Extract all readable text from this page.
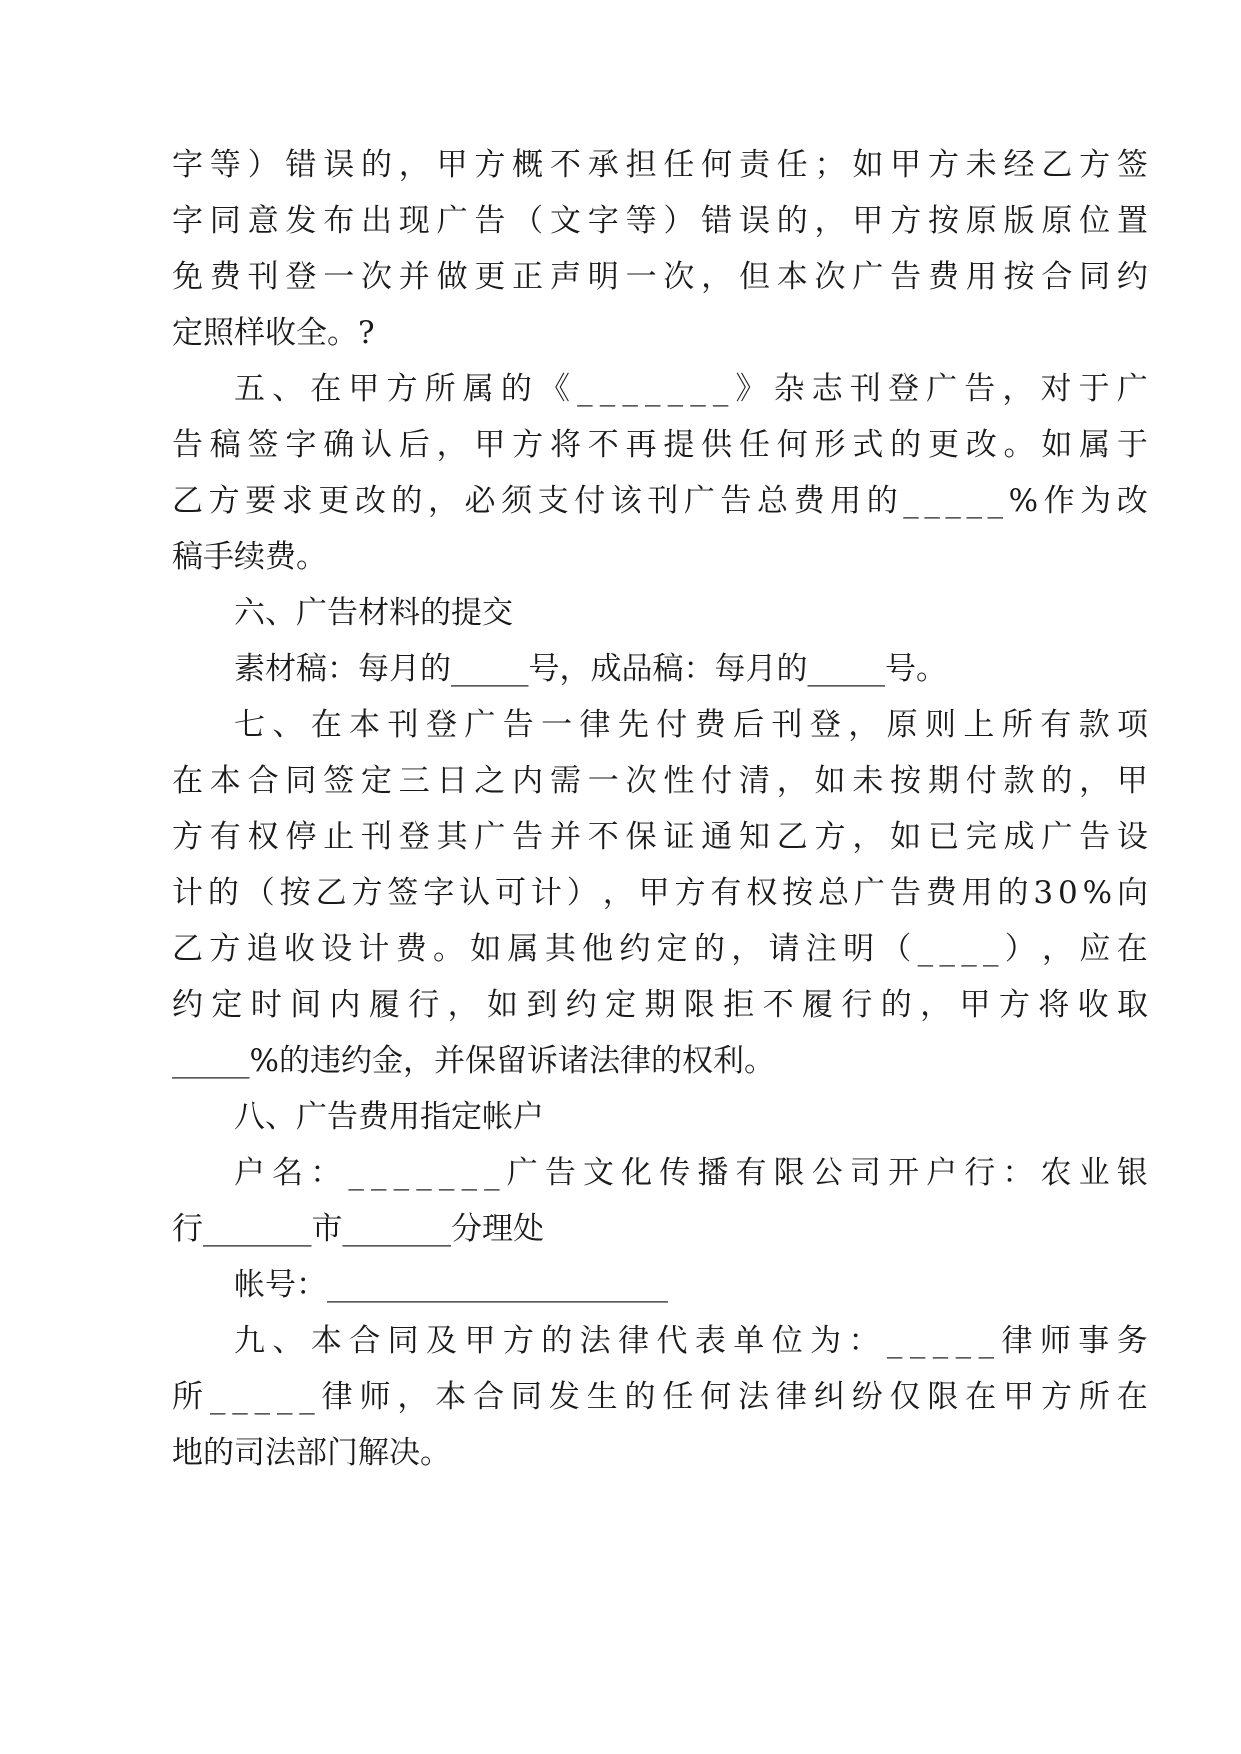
字 等 ） 错 误 的 ， 甲 方 概 不 承 担 任 何 责 任 ； 如 甲 方 未 经 乙 方 签
字 同 意 发 布 出 现 广 告 （ 文 字 等 ） 错 误 的 ， 甲 方 按 原 版 原 位 置
免 费 刊 登 一 次 并 做 更 正 声 明 一 次 ， 但 本 次 广 告 费 用 按 合 同 约
定照样收全。?
五 、 在 甲 方 所 属 的 《 _ _ _ _ _ _ _ 》 杂 志 刊 登 广 告 ， 对 于 广
告 稿 签 字 确 认 后 ， 甲 方 将 不 再 提 供 任 何 形 式 的 更 改 。 如 属 于
乙 方 要 求 更 改 的 ， 必 须 支 付 该 刊 广 告 总 费 用 的 _ _ _ _ _ % 作 为 改
稿手续费。
六、广告材料的提交
素材稿：每月的_____号，成品稿：每月的_____号。
七 、 在 本 刊 登 广 告 一 律 先 付 费 后 刊 登 ， 原 则 上 所 有 款 项
在 本 合 同 签 定 三 日 之 内 需 一 次 性 付 清 ， 如 未 按 期 付 款 的 ， 甲
方 有 权 停 止 刊 登 其 广 告 并 不 保 证 通 知 乙 方 ， 如 已 完 成 广 告 设
计 的 （ 按 乙 方 签 字 认 可 计 ） ， 甲 方 有 权 按 总 广 告 费 用 的 3 0 % 向
乙 方 追 收 设 计 费 。 如 属 其 他 约 定 的 ， 请 注 明 （ _ _ _ _ ） ， 应 在
约 定 时 间 内 履 行 ， 如 到 约 定 期 限 拒 不 履 行 的 ， 甲 方 将 收 取
_____%的违约金，并保留诉诸法律的权利。
八、广告费用指定帐户
户 名 ： _ _ _ _ _ _ _ 广 告 文 化 传 播 有 限 公 司 开 户 行 ： 农 业 银
行_______市_______分理处
帐号：______________________
九 、 本 合 同 及 甲 方 的 法 律 代 表 单 位 为 ： _ _ _ _ _ 律 师 事 务
所 _ _ _ _ _ 律 师 ， 本 合 同 发 生 的 任 何 法 律 纠 纷 仅 限 在 甲 方 所 在
地的司法部门解决。
